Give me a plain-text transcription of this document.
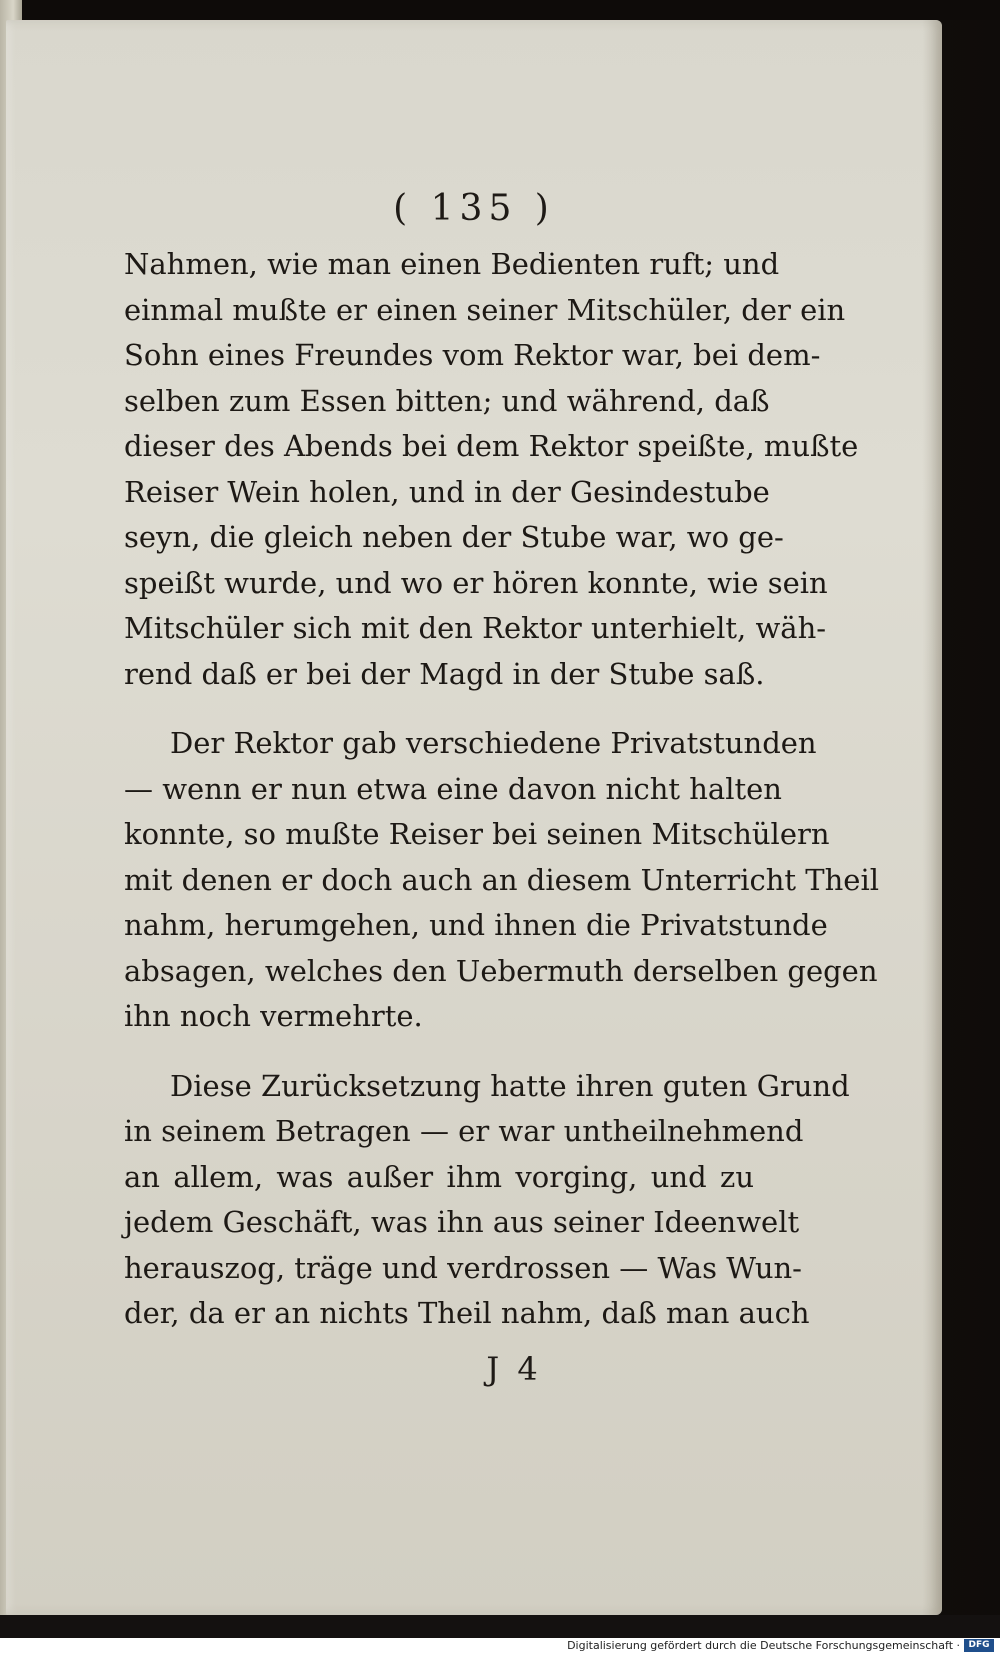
( 135 )

Nahmen, wie man einen Bedienten ruft; und
einmal mußte er einen seiner Mitschüler, der ein
Sohn eines Freundes vom Rektor war, bei dem-
selben zum Essen bitten; und während, daß
dieser des Abends bei dem Rektor speißte, mußte
Reiser Wein holen, und in der Gesindestube
seyn, die gleich neben der Stube war, wo ge-
speißt wurde, und wo er hören konnte, wie sein
Mitschüler sich mit den Rektor unterhielt, wäh-
rend daß er bei der Magd in der Stube saß.

Der Rektor gab verschiedene Privatstunden
— wenn er nun etwa eine davon nicht halten
konnte, so mußte Reiser bei seinen Mitschülern
mit denen er doch auch an diesem Unterricht Theil
nahm, herumgehen, und ihnen die Privatstunde
absagen, welches den Uebermuth derselben gegen
ihn noch vermehrte.

Diese Zurücksetzung hatte ihren guten Grund
in seinem Betragen — er war untheilnehmend
an allem, was außer ihm vorging, und zu
jedem Geschäft, was ihn aus seiner Ideenwelt
herauszog, träge und verdrossen — Was Wun-
der, da er an nichts Theil nahm, daß man auch

J 4
Digitalisierung gefördert durch die Deutsche Forschungsgemeinschaft · DFG
